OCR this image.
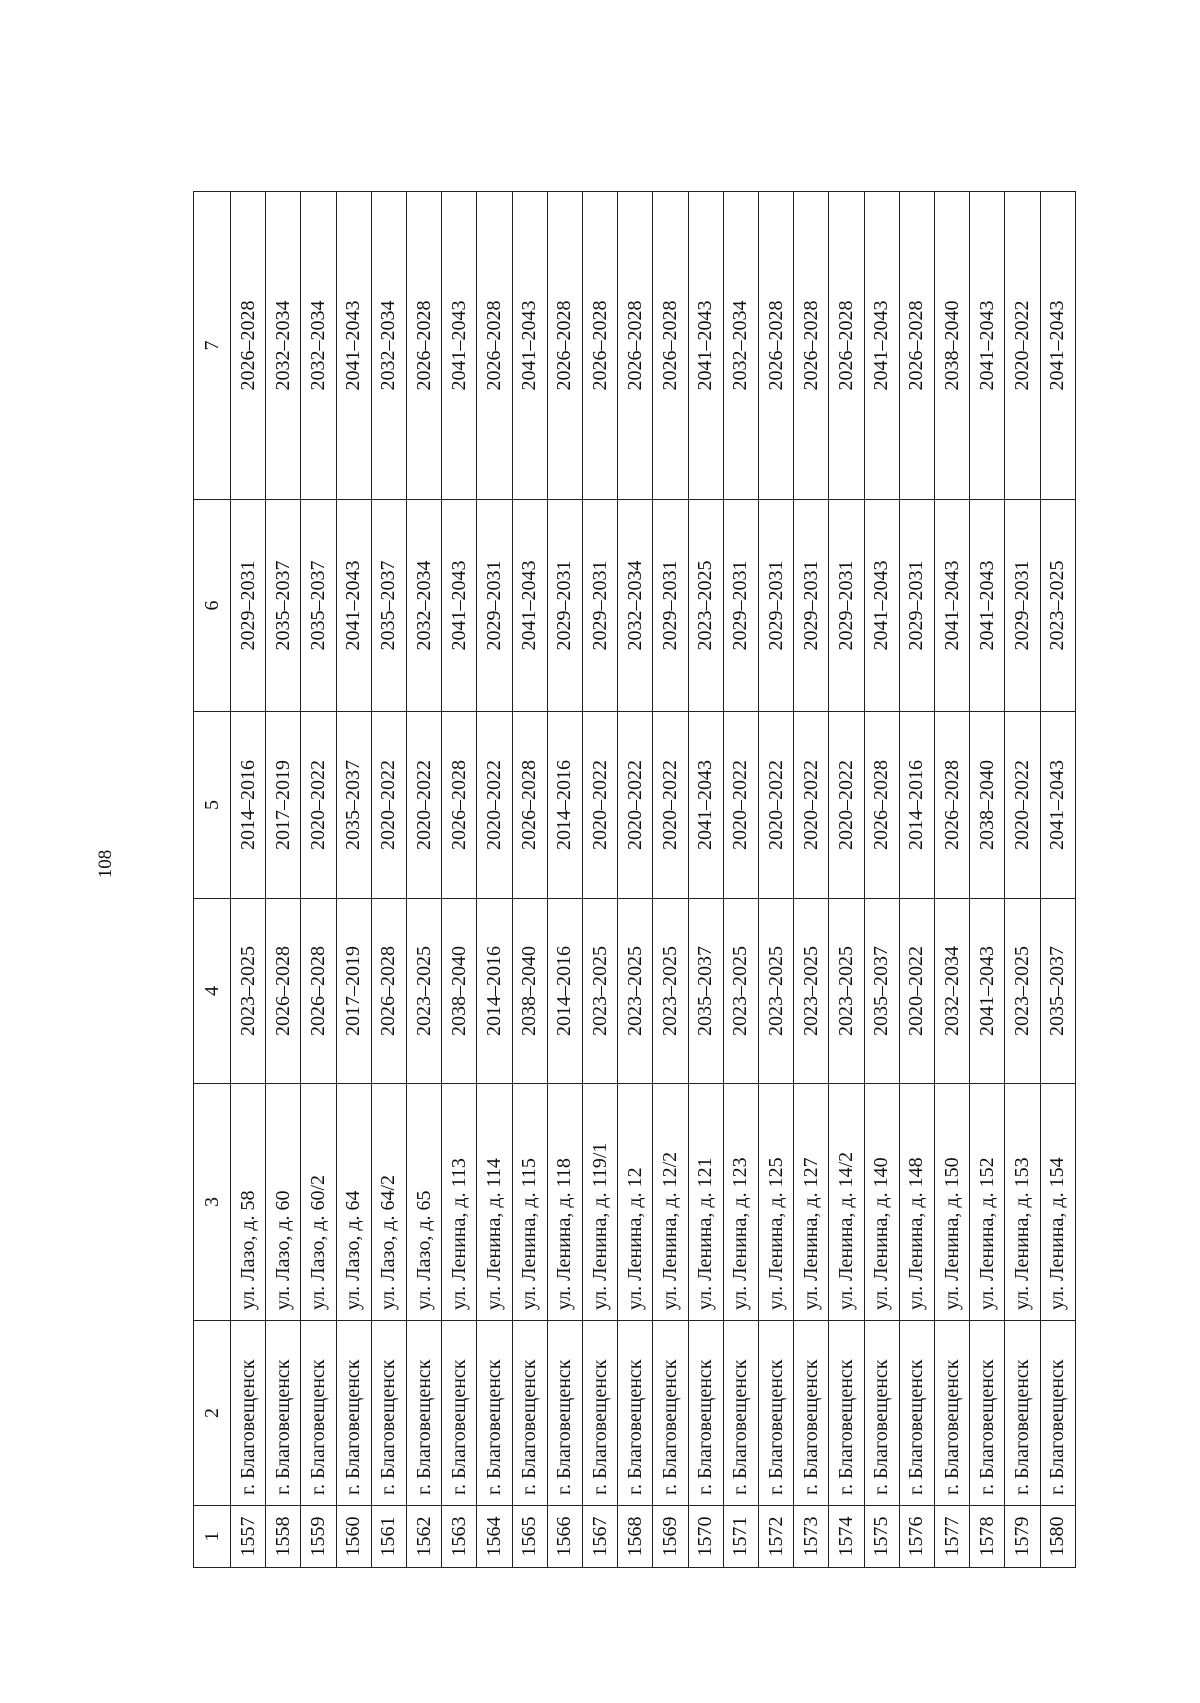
108
1	2	3	4	5	6	7
1557	г. Благовещенск	ул. Лазо, д. 58	2023–2025	2014–2016	2029–2031	2026–2028
1558	г. Благовещенск	ул. Лазо, д. 60	2026–2028	2017–2019	2035–2037	2032–2034
1559	г. Благовещенск	ул. Лазо, д. 60/2	2026–2028	2020–2022	2035–2037	2032–2034
1560	г. Благовещенск	ул. Лазо, д. 64	2017–2019	2035–2037	2041–2043	2041–2043
1561	г. Благовещенск	ул. Лазо, д. 64/2	2026–2028	2020–2022	2035–2037	2032–2034
1562	г. Благовещенск	ул. Лазо, д. 65	2023–2025	2020–2022	2032–2034	2026–2028
1563	г. Благовещенск	ул. Ленина, д. 113	2038–2040	2026–2028	2041–2043	2041–2043
1564	г. Благовещенск	ул. Ленина, д. 114	2014–2016	2020–2022	2029–2031	2026–2028
1565	г. Благовещенск	ул. Ленина, д. 115	2038–2040	2026–2028	2041–2043	2041–2043
1566	г. Благовещенск	ул. Ленина, д. 118	2014–2016	2014–2016	2029–2031	2026–2028
1567	г. Благовещенск	ул. Ленина, д. 119/1	2023–2025	2020–2022	2029–2031	2026–2028
1568	г. Благовещенск	ул. Ленина, д. 12	2023–2025	2020–2022	2032–2034	2026–2028
1569	г. Благовещенск	ул. Ленина, д. 12/2	2023–2025	2020–2022	2029–2031	2026–2028
1570	г. Благовещенск	ул. Ленина, д. 121	2035–2037	2041–2043	2023–2025	2041–2043
1571	г. Благовещенск	ул. Ленина, д. 123	2023–2025	2020–2022	2029–2031	2032–2034
1572	г. Благовещенск	ул. Ленина, д. 125	2023–2025	2020–2022	2029–2031	2026–2028
1573	г. Благовещенск	ул. Ленина, д. 127	2023–2025	2020–2022	2029–2031	2026–2028
1574	г. Благовещенск	ул. Ленина, д. 14/2	2023–2025	2020–2022	2029–2031	2026–2028
1575	г. Благовещенск	ул. Ленина, д. 140	2035–2037	2026–2028	2041–2043	2041–2043
1576	г. Благовещенск	ул. Ленина, д. 148	2020–2022	2014–2016	2029–2031	2026–2028
1577	г. Благовещенск	ул. Ленина, д. 150	2032–2034	2026–2028	2041–2043	2038–2040
1578	г. Благовещенск	ул. Ленина, д. 152	2041–2043	2038–2040	2041–2043	2041–2043
1579	г. Благовещенск	ул. Ленина, д. 153	2023–2025	2020–2022	2029–2031	2020–2022
1580	г. Благовещенск	ул. Ленина, д. 154	2035–2037	2041–2043	2023–2025	2041–2043
